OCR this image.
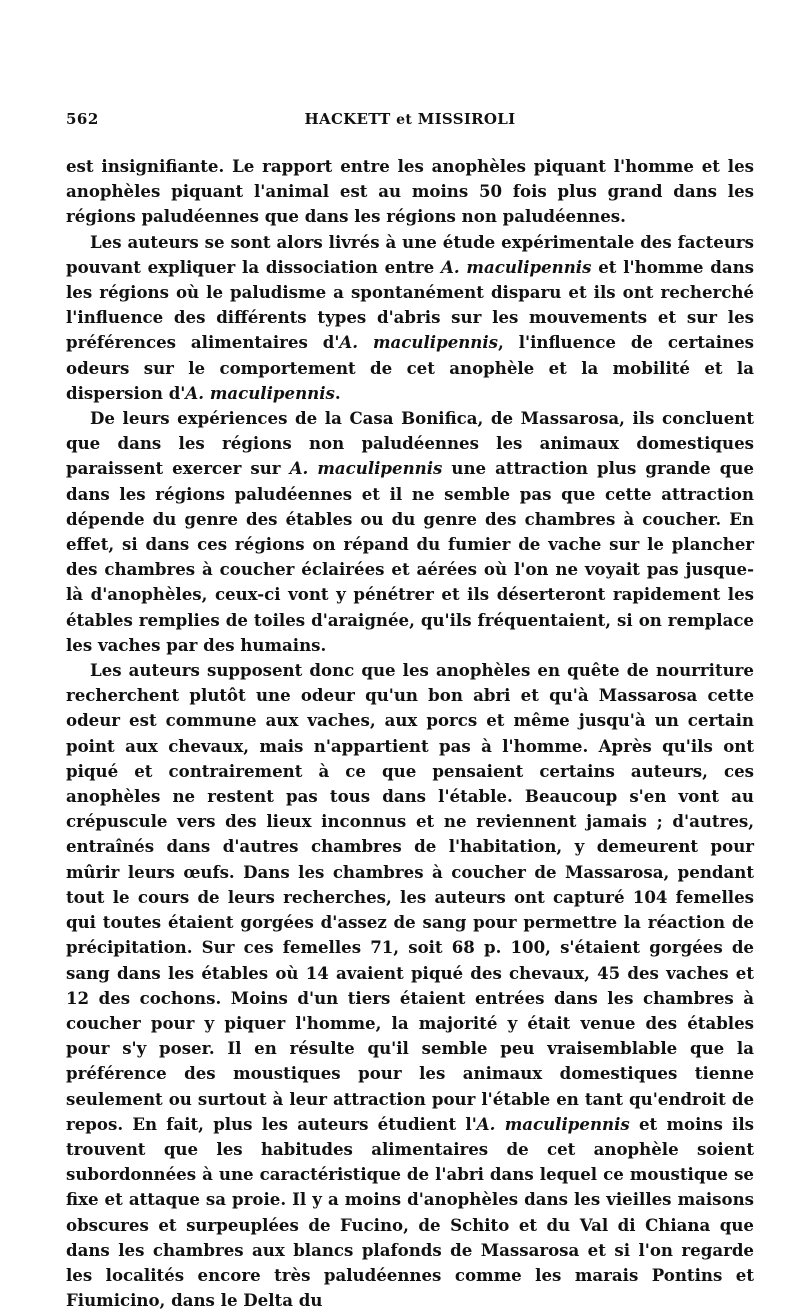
562	HACKETT et MISSIROLI

est insignifiante. Le rapport entre les anophèles piquant l'homme et les anophèles piquant l'animal est au moins 50 fois plus grand dans les régions paludéennes que dans les régions non paludéennes.

Les auteurs se sont alors livrés à une étude expérimentale des facteurs pouvant expliquer la dissociation entre A. maculipennis et l'homme dans les régions où le paludisme a spontanément disparu et ils ont recherché l'influence des différents types d'abris sur les mouvements et sur les préférences alimentaires d'A. maculipennis, l'influence de certaines odeurs sur le comportement de cet anophèle et la mobilité et la dispersion d'A. maculipennis.

De leurs expériences de la Casa Bonifica, de Massarosa, ils concluent que dans les régions non paludéennes les animaux domestiques paraissent exercer sur A. maculipennis une attraction plus grande que dans les régions paludéennes et il ne semble pas que cette attraction dépende du genre des étables ou du genre des chambres à coucher. En effet, si dans ces régions on répand du fumier de vache sur le plancher des chambres à coucher éclairées et aérées où l'on ne voyait pas jusque-là d'anophèles, ceux-ci vont y pénétrer et ils déserteront rapidement les étables remplies de toiles d'araignée, qu'ils fréquentaient, si on remplace les vaches par des humains.

Les auteurs supposent donc que les anophèles en quête de nourriture recherchent plutôt une odeur qu'un bon abri et qu'à Massarosa cette odeur est commune aux vaches, aux porcs et même jusqu'à un certain point aux chevaux, mais n'appartient pas à l'homme. Après qu'ils ont piqué et contrairement à ce que pensaient certains auteurs, ces anophèles ne restent pas tous dans l'étable. Beaucoup s'en vont au crépuscule vers des lieux inconnus et ne reviennent jamais ; d'autres, entraînés dans d'autres chambres de l'habitation, y demeurent pour mûrir leurs œufs. Dans les chambres à coucher de Massarosa, pendant tout le cours de leurs recherches, les auteurs ont capturé 104 femelles qui toutes étaient gorgées d'assez de sang pour permettre la réaction de précipitation. Sur ces femelles 71, soit 68 p. 100, s'étaient gorgées de sang dans les étables où 14 avaient piqué des chevaux, 45 des vaches et 12 des cochons. Moins d'un tiers étaient entrées dans les chambres à coucher pour y piquer l'homme, la majorité y était venue des étables pour s'y poser. Il en résulte qu'il semble peu vraisemblable que la préférence des moustiques pour les animaux domestiques tienne seulement ou surtout à leur attraction pour l'étable en tant qu'endroit de repos. En fait, plus les auteurs étudient l'A. maculipennis et moins ils trouvent que les habitudes alimentaires de cet anophèle soient subordonnées à une caractéristique de l'abri dans lequel ce moustique se fixe et attaque sa proie. Il y a moins d'anophèles dans les vieilles maisons obscures et surpeuplées de Fucino, de Schito et du Val di Chiana que dans les chambres aux blancs plafonds de Massarosa et si l'on regarde les localités encore très paludéennes comme les marais Pontins et Fiumicino, dans le Delta du
